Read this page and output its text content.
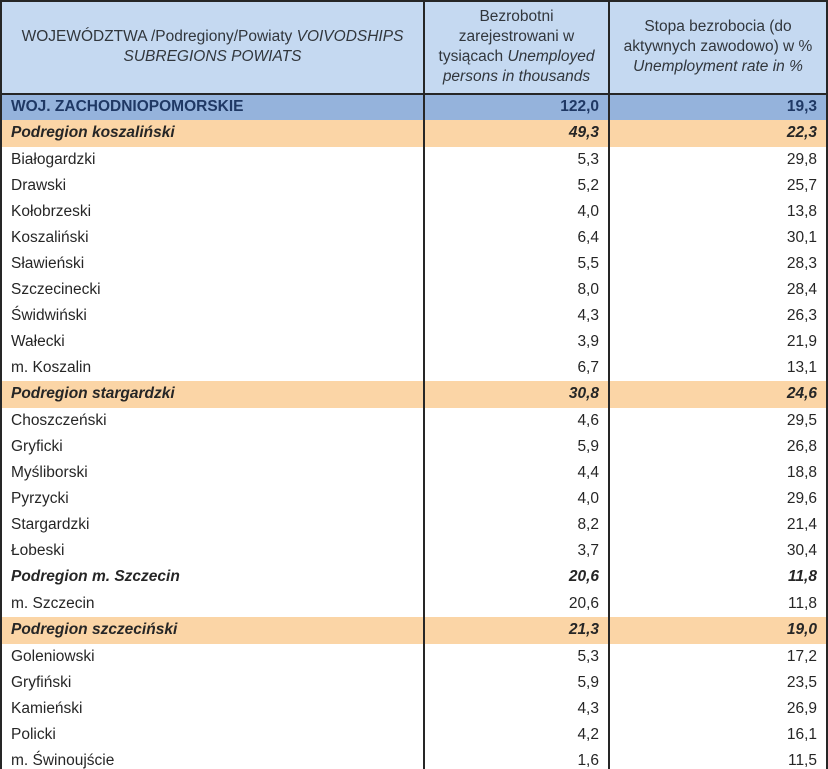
WOJEWÓDZTWA /Podregiony/Powiaty VOIVODSHIPS SUBREGIONS POWIATS	Bezrobotni zarejestrowani w tysiącach Unemployed persons in thousands	Stopa bezrobocia (do aktywnych zawodowo) w % Unemployment rate in %
WOJ. ZACHODNIOPOMORSKIE	122,0	19,3
Podregion koszaliński	49,3	22,3
Białogardzki	5,3	29,8
Drawski	5,2	25,7
Kołobrzeski	4,0	13,8
Koszaliński	6,4	30,1
Sławieński	5,5	28,3
Szczecinecki	8,0	28,4
Świdwiński	4,3	26,3
Wałecki	3,9	21,9
m. Koszalin	6,7	13,1
Podregion stargardzki	30,8	24,6
Choszczeński	4,6	29,5
Gryficki	5,9	26,8
Myśliborski	4,4	18,8
Pyrzycki	4,0	29,6
Stargardzki	8,2	21,4
Łobeski	3,7	30,4
Podregion m. Szczecin	20,6	11,8
m. Szczecin	20,6	11,8
Podregion szczeciński	21,3	19,0
Goleniowski	5,3	17,2
Gryfiński	5,9	23,5
Kamieński	4,3	26,9
Policki	4,2	16,1
m. Świnoujście	1,6	11,5
